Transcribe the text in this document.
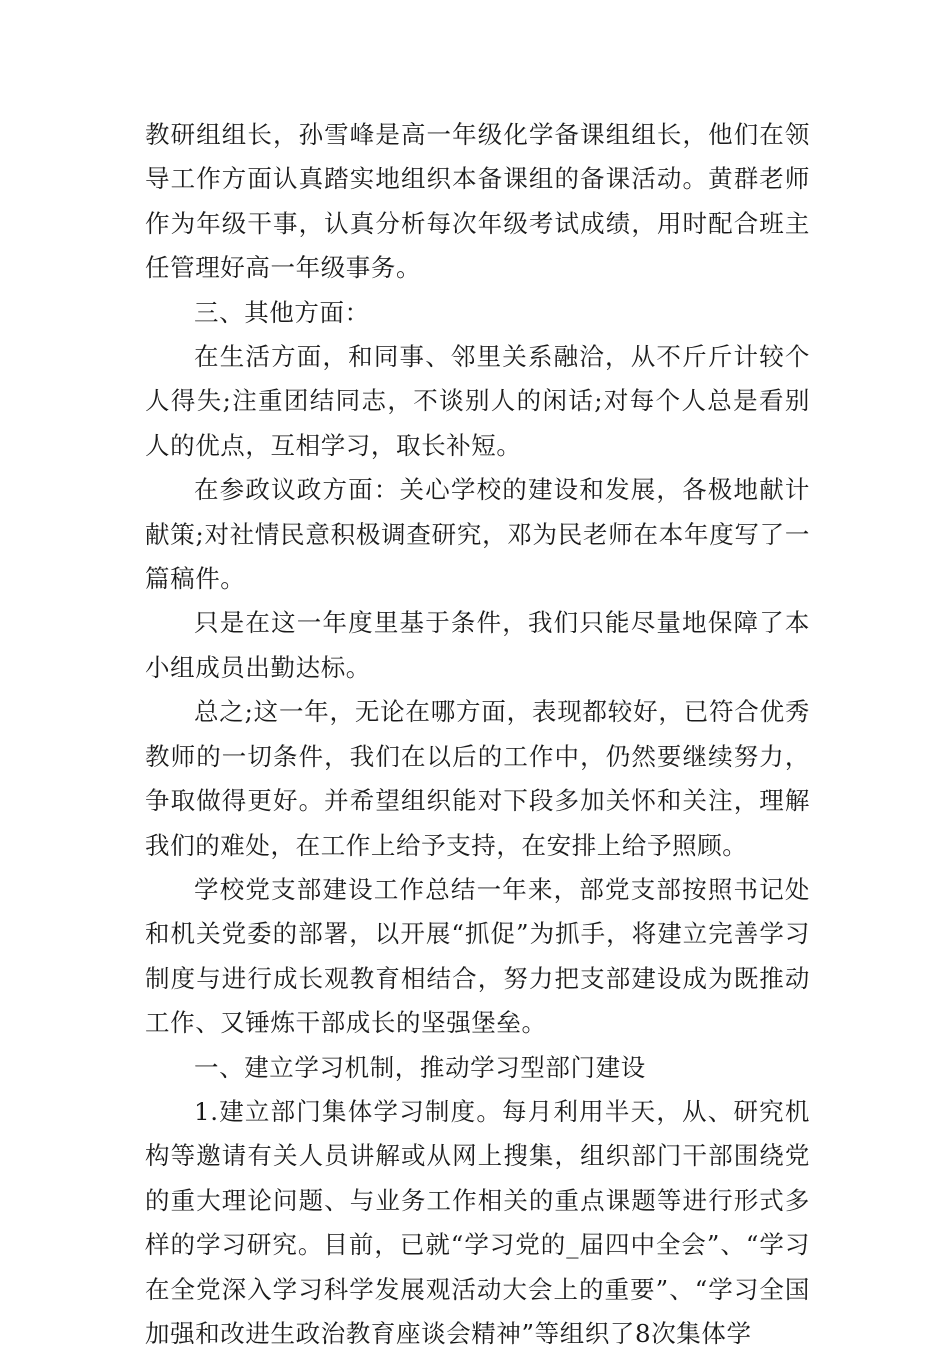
教研组组长，孙雪峰是高一年级化学备课组组长，他们在领导工作方面认真踏实地组织本备课组的备课活动。黄群老师作为年级干事，认真分析每次年级考试成绩，用时配合班主任管理好高一年级事务。

三、其他方面：

在生活方面，和同事、邻里关系融洽，从不斤斤计较个人得失;注重团结同志，不谈别人的闲话;对每个人总是看别人的优点，互相学习，取长补短。

在参政议政方面：关心学校的建设和发展，各极地献计献策;对社情民意积极调查研究，邓为民老师在本年度写了一篇稿件。

只是在这一年度里基于条件，我们只能尽量地保障了本小组成员出勤达标。

总之;这一年，无论在哪方面，表现都较好，已符合优秀教师的一切条件，我们在以后的工作中，仍然要继续努力，争取做得更好。并希望组织能对下段多加关怀和关注，理解我们的难处，在工作上给予支持，在安排上给予照顾。

学校党支部建设工作总结一年来，部党支部按照书记处和机关党委的部署，以开展“抓促”为抓手，将建立完善学习制度与进行成长观教育相结合，努力把支部建设成为既推动工作、又锤炼干部成长的坚强堡垒。

一、建立学习机制，推动学习型部门建设

1.建立部门集体学习制度。每月利用半天，从、研究机构等邀请有关人员讲解或从网上搜集，组织部门干部围绕党的重大理论问题、与业务工作相关的重点课题等进行形式多样的学习研究。目前，已就“学习党的_届四中全会”、“学习在全党深入学习科学发展观活动大会上的重要”、“学习全国加强和改进生政治教育座谈会精神”等组织了8次集体学
